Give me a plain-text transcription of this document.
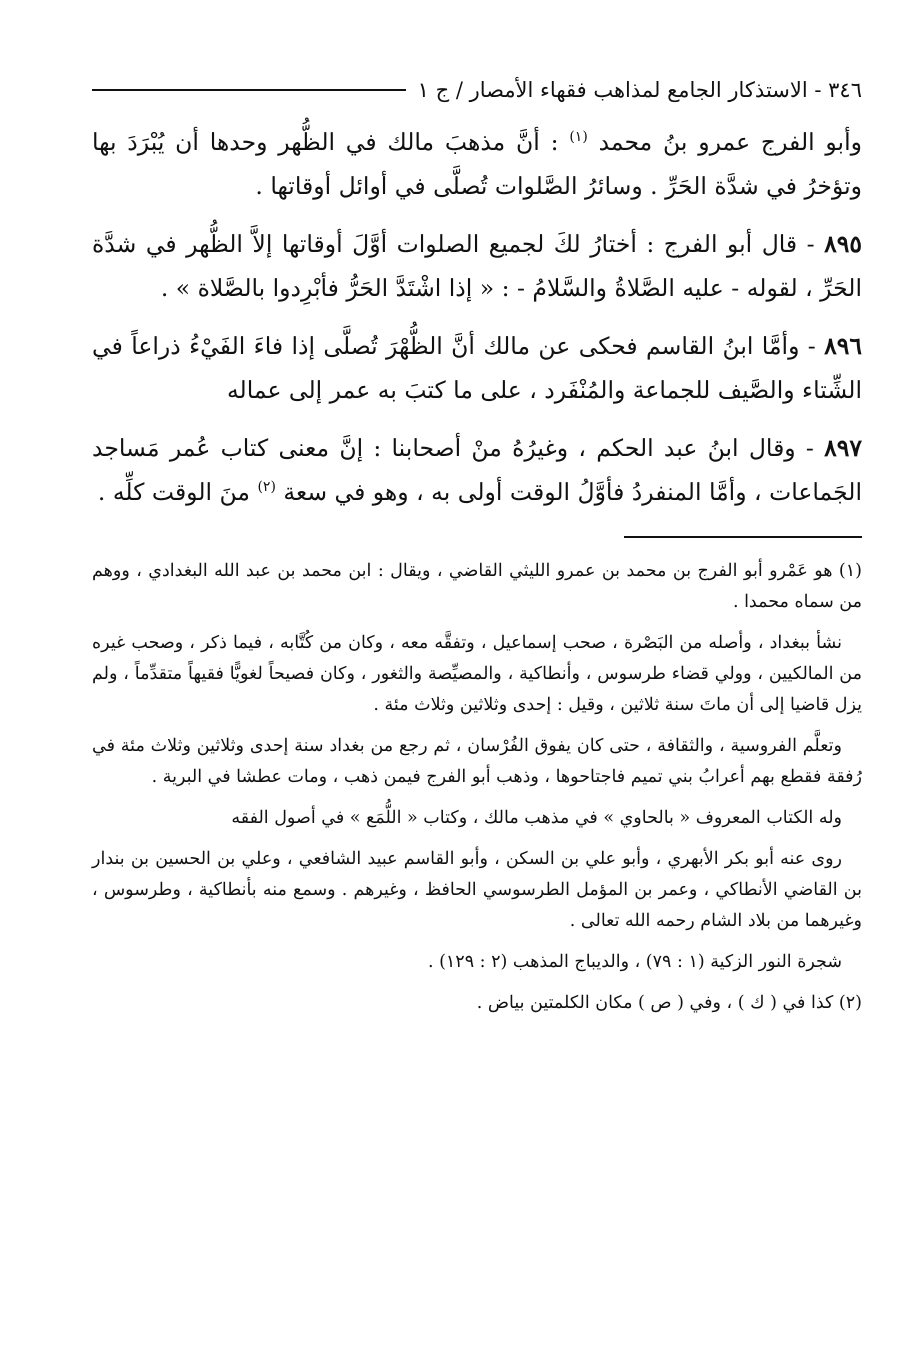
٣٤٦ - الاستذكار الجامع لمذاهب فقهاء الأمصار / ج ١

وأبو الفرج عمرو بنُ محمد $^{(١)}$ : أنَّ مذهبَ مالك في الظُّهر وحدها أن يُبْرَدَ بها وتؤخرُ في شدَّة الحَرِّ . وسائرُ الصَّلوات تُصلَّى في أوائل أوقاتها .

٨٩٥ - قال أبو الفرج : أختارُ لكَ لجميع الصلوات أوَّلَ أوقاتها إلاَّ الظُّهر في شدَّة الحَرِّ ، لقوله - عليه الصَّلاةُ والسَّلامُ - : « إذا اشْتَدَّ الحَرُّ فأبْرِدوا بالصَّلاة » .

٨٩٦ - وأمَّا ابنُ القاسم فحكى عن مالك أنَّ الظُّهْرَ تُصلَّى إذا فاءَ الفَيْءُ ذراعاً في الشِّتاء والصَّيف للجماعة والمُنْفَرد ، على ما كتبَ به عمر إلى عماله

٨٩٧ - وقال ابنُ عبد الحكم ، وغيرُهُ منْ أصحابنا : إنَّ معنى كتاب عُمر مَساجد الجَماعات ، وأمَّا المنفردُ فأوَّلُ الوقت أولى به ، وهو في سعة $^{(٢)}$ منَ الوقت كلِّه .

(١) هو عَمْرو أبو الفرج بن محمد بن عمرو الليثي القاضي ، ويقال : ابن محمد بن عبد الله البغدادي ، ووهم من سماه محمدا .

نشأ ببغداد ، وأصله من البَصْرة ، صحب إسماعيل ، وتفقَّه معه ، وكان من كُتَّابه ، فيما ذكر ، وصحب غيره من المالكيين ، وولي قضاء طرسوس ، وأنطاكية ، والمصيِّصة والثغور ، وكان فصيحاً لغويًّا فقيهاً متقدِّماً ، ولم يزل قاضيا إلى أن ماتَ سنة ثلاثين ، وقيل : إحدى وثلاثين وثلاث مئة .

وتعلَّم الفروسية ، والثقافة ، حتى كان يفوق الفُرْسان ، ثم رجع من بغداد سنة إحدى وثلاثين وثلاث مئة في رُفقة فقطع بهم أعرابُ بني تميم فاجتاحوها ، وذهب أبو الفرج فيمن ذهب ، ومات عطشا في البرية .

وله الكتاب المعروف « بالحاوي » في مذهب مالك ، وكتاب « اللُّمَع » في أصول الفقه

روى عنه أبو بكر الأبهري ، وأبو علي بن السكن ، وأبو القاسم عبيد الشافعي ، وعلي بن الحسين بن بندار بن القاضي الأنطاكي ، وعمر بن المؤمل الطرسوسي الحافظ ، وغيرهم . وسمع منه بأنطاكية ، وطرسوس ، وغيرهما من بلاد الشام رحمه الله تعالى .

شجرة النور الزكية (١ : ٧٩) ، والديباج المذهب (٢ : ١٢٩) .

(٢) كذا في ( ك ) ، وفي ( ص ) مكان الكلمتين بياض .
